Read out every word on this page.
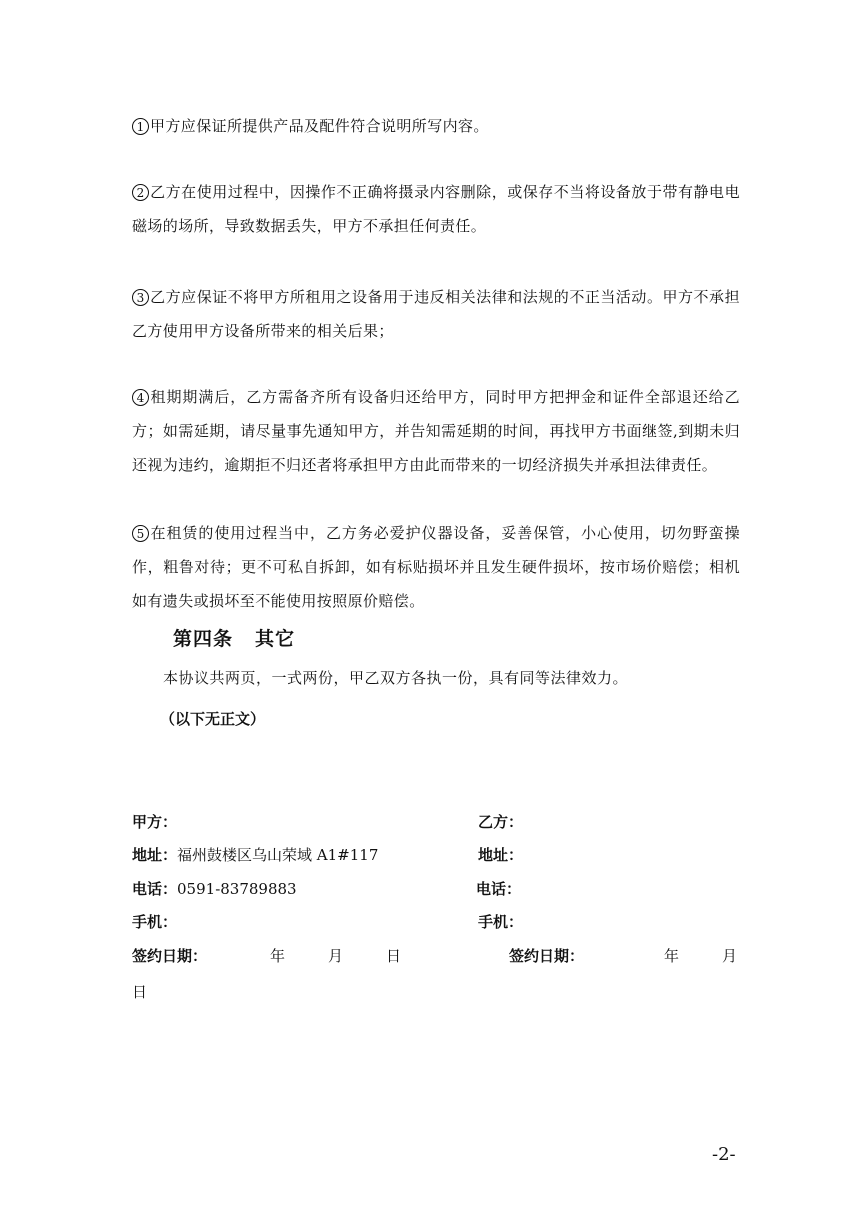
1 甲方应保证所提供产品及配件符合说明所写内容。

2 乙方在使用过程中，因操作不正确将摄录内容删除，或保存不当将设备放于带有静电电磁场的场所，导致数据丢失，甲方不承担任何责任。

3 乙方应保证不将甲方所租用之设备用于违反相关法律和法规的不正当活动。甲方不承担乙方使用甲方设备所带来的相关后果；

4 租期期满后，乙方需备齐所有设备归还给甲方，同时甲方把押金和证件全部退还给乙方；如需延期，请尽量事先通知甲方，并告知需延期的时间，再找甲方书面继签,到期未归还视为违约，逾期拒不归还者将承担甲方由此而带来的一切经济损失并承担法律责任。

5 在租赁的使用过程当中，乙方务必爱护仪器设备，妥善保管，小心使用，切勿野蛮操作，粗鲁对待；更不可私自拆卸，如有标贴损坏并且发生硬件损坏，按市场价赔偿；相机如有遗失或损坏至不能使用按照原价赔偿。

第四条 其它
本协议共两页，一式两份，甲乙双方各执一份，具有同等法律效力。
（以下无正文）
甲方：
地址：福州鼓楼区乌山荣域 A1#117
电话：0591-83789883
手机：
签约日期：	年	月	日
乙方：
地址：
电话：
手机：
签约日期：	年	月
日
-2-
